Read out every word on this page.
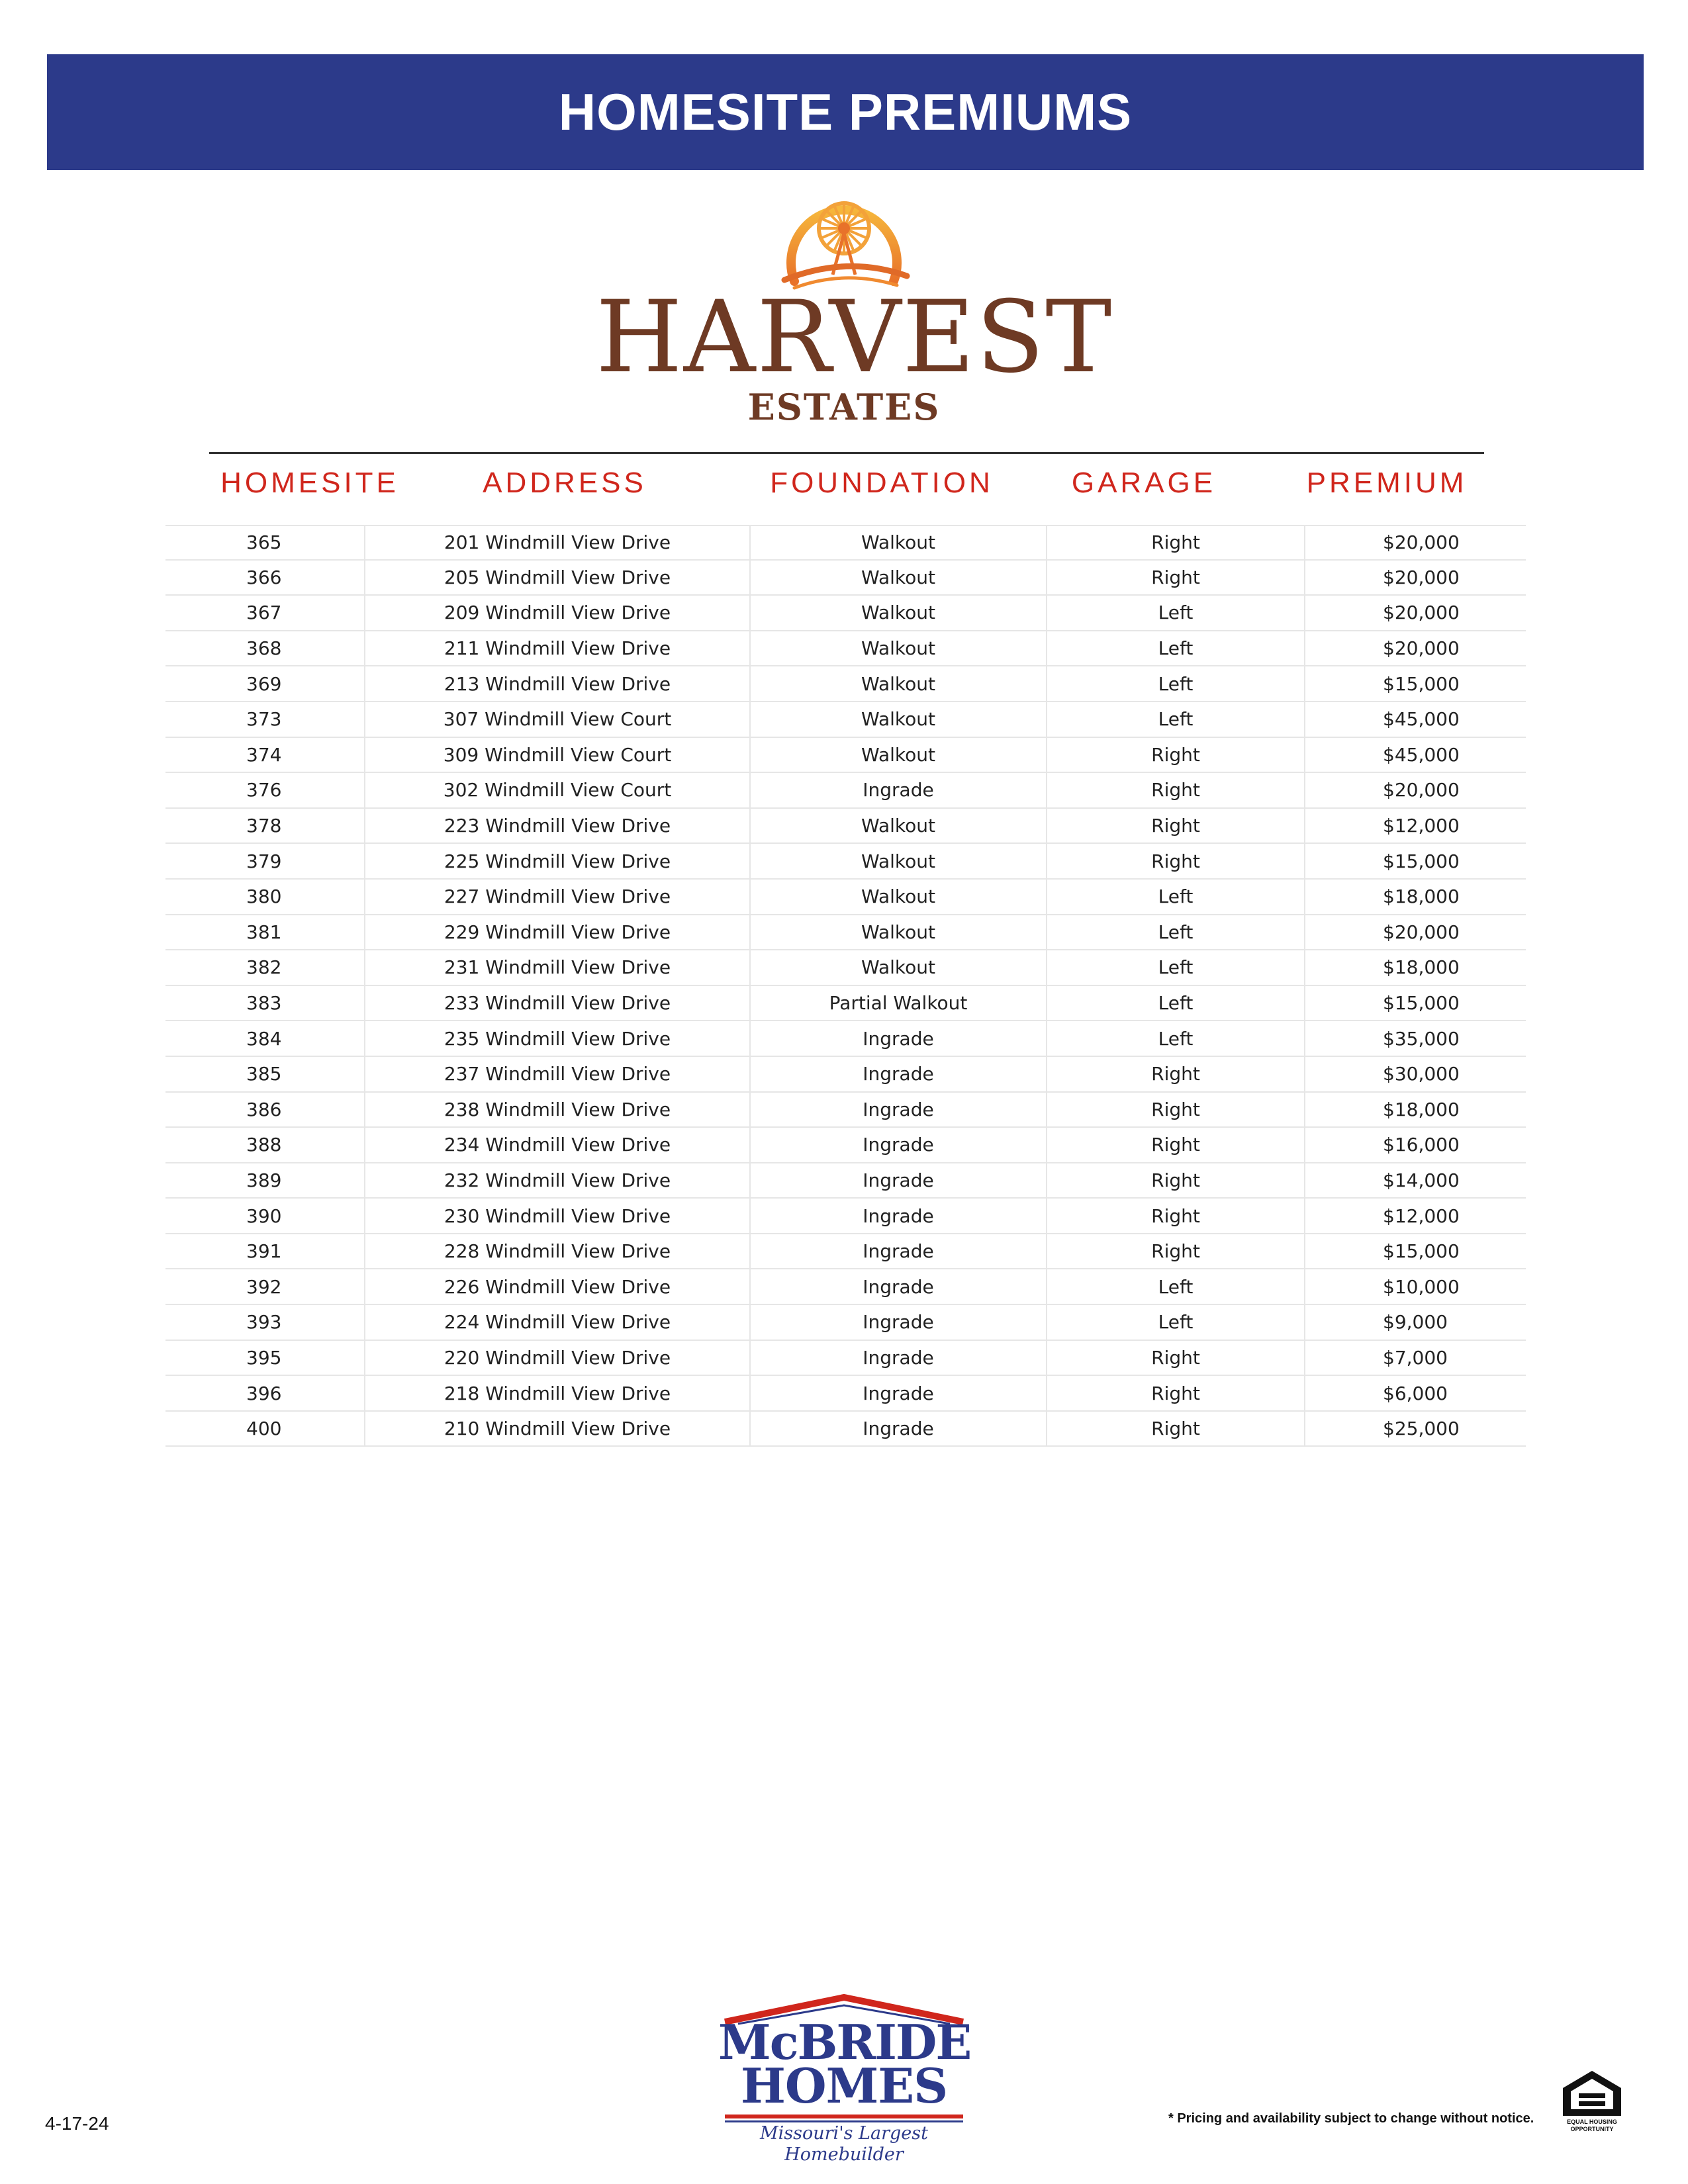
HOMESITE PREMIUMS
HARVEST
ESTATES
HOMESITE	ADDRESS	FOUNDATION	GARAGE	PREMIUM
365	201 Windmill View Drive	Walkout	Right	$20,000
366	205 Windmill View Drive	Walkout	Right	$20,000
367	209 Windmill View Drive	Walkout	Left	$20,000
368	211 Windmill View Drive	Walkout	Left	$20,000
369	213 Windmill View Drive	Walkout	Left	$15,000
373	307 Windmill View Court	Walkout	Left	$45,000
374	309 Windmill View Court	Walkout	Right	$45,000
376	302 Windmill View Court	Ingrade	Right	$20,000
378	223 Windmill View Drive	Walkout	Right	$12,000
379	225 Windmill View Drive	Walkout	Right	$15,000
380	227 Windmill View Drive	Walkout	Left	$18,000
381	229 Windmill View Drive	Walkout	Left	$20,000
382	231 Windmill View Drive	Walkout	Left	$18,000
383	233 Windmill View Drive	Partial Walkout	Left	$15,000
384	235 Windmill View Drive	Ingrade	Left	$35,000
385	237 Windmill View Drive	Ingrade	Right	$30,000
386	238 Windmill View Drive	Ingrade	Right	$18,000
388	234 Windmill View Drive	Ingrade	Right	$16,000
389	232 Windmill View Drive	Ingrade	Right	$14,000
390	230 Windmill View Drive	Ingrade	Right	$12,000
391	228 Windmill View Drive	Ingrade	Right	$15,000
392	226 Windmill View Drive	Ingrade	Left	$10,000
393	224 Windmill View Drive	Ingrade	Left	$9,000
395	220 Windmill View Drive	Ingrade	Right	$7,000
396	218 Windmill View Drive	Ingrade	Right	$6,000
400	210 Windmill View Drive	Ingrade	Right	$25,000
McBRIDE
HOMES
Missouri's Largest Homebuilder
4-17-24	* Pricing and availability subject to change without notice.	EQUAL HOUSING OPPORTUNITY
